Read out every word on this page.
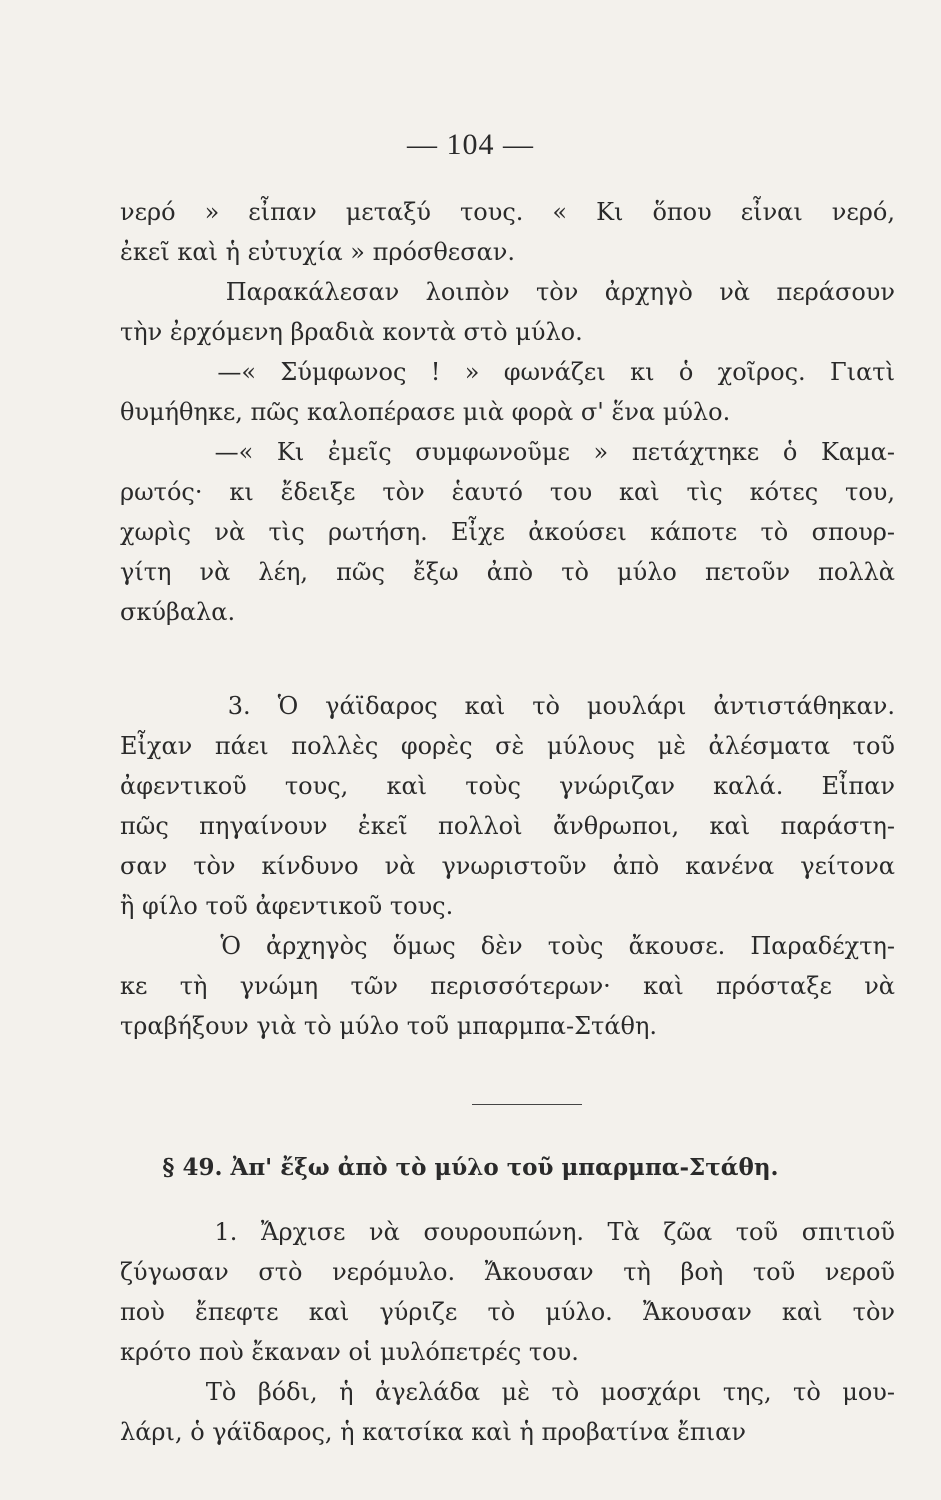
— 104 —
νερό » εἶπαν μεταξύ τους. « Κι ὅπου εἶναι νερό,
ἐκεῖ καὶ ἡ εὐτυχία » πρόσθεσαν.
Παρακάλεσαν λοιπὸν τὸν ἀρχηγὸ νὰ περάσουν
τὴν ἐρχόμενη βραδιὰ κοντὰ στὸ μύλο.
—« Σύμφωνος ! » φωνάζει κι ὁ χοῖρος. Γιατὶ
θυμήθηκε, πῶς καλοπέρασε μιὰ φορὰ σ' ἕνα μύλο.
—« Κι ἐμεῖς συμφωνοῦμε » πετάχτηκε ὁ Καμα-
ρωτός· κι ἔδειξε τὸν ἑαυτό του καὶ τὶς κότες του,
χωρὶς νὰ τὶς ρωτήση. Εἶχε ἀκούσει κάποτε τὸ σπουρ-
γίτη νὰ λέη, πῶς ἔξω ἀπὸ τὸ μύλο πετοῦν πολλὰ
σκύβαλα.
3. Ὁ γάϊδαρος καὶ τὸ μουλάρι ἀντιστάθηκαν.
Εἶχαν πάει πολλὲς φορὲς σὲ μύλους μὲ ἀλέσματα τοῦ
ἀφεντικοῦ τους, καὶ τοὺς γνώριζαν καλά. Εἶπαν
πῶς πηγαίνουν ἐκεῖ πολλοὶ ἄνθρωποι, καὶ παράστη-
σαν τὸν κίνδυνο νὰ γνωριστοῦν ἀπὸ κανένα γείτονα
ἢ φίλο τοῦ ἀφεντικοῦ τους.
Ὁ ἀρχηγὸς ὅμως δὲν τοὺς ἄκουσε. Παραδέχτη-
κε τὴ γνώμη τῶν περισσότερων· καὶ πρόσταξε νὰ
τραβήξουν γιὰ τὸ μύλο τοῦ μπαρμπα-Στάθη.
§ 49. Ἀπ' ἔξω ἀπὸ τὸ μύλο τοῦ μπαρμπα-Στάθη.
1. Ἄρχισε νὰ σουρουπώνη. Τὰ ζῶα τοῦ σπιτιοῦ
ζύγωσαν στὸ νερόμυλο. Ἄκουσαν τὴ βοὴ τοῦ νεροῦ
ποὺ ἔπεφτε καὶ γύριζε τὸ μύλο. Ἄκουσαν καὶ τὸν
κρότο ποὺ ἔκαναν οἱ μυλόπετρές του.
Τὸ βόδι, ἡ ἀγελάδα μὲ τὸ μοσχάρι της, τὸ μου-
λάρι, ὁ γάϊδαρος, ἡ κατσίκα καὶ ἡ προβατίνα ἔπιαν
